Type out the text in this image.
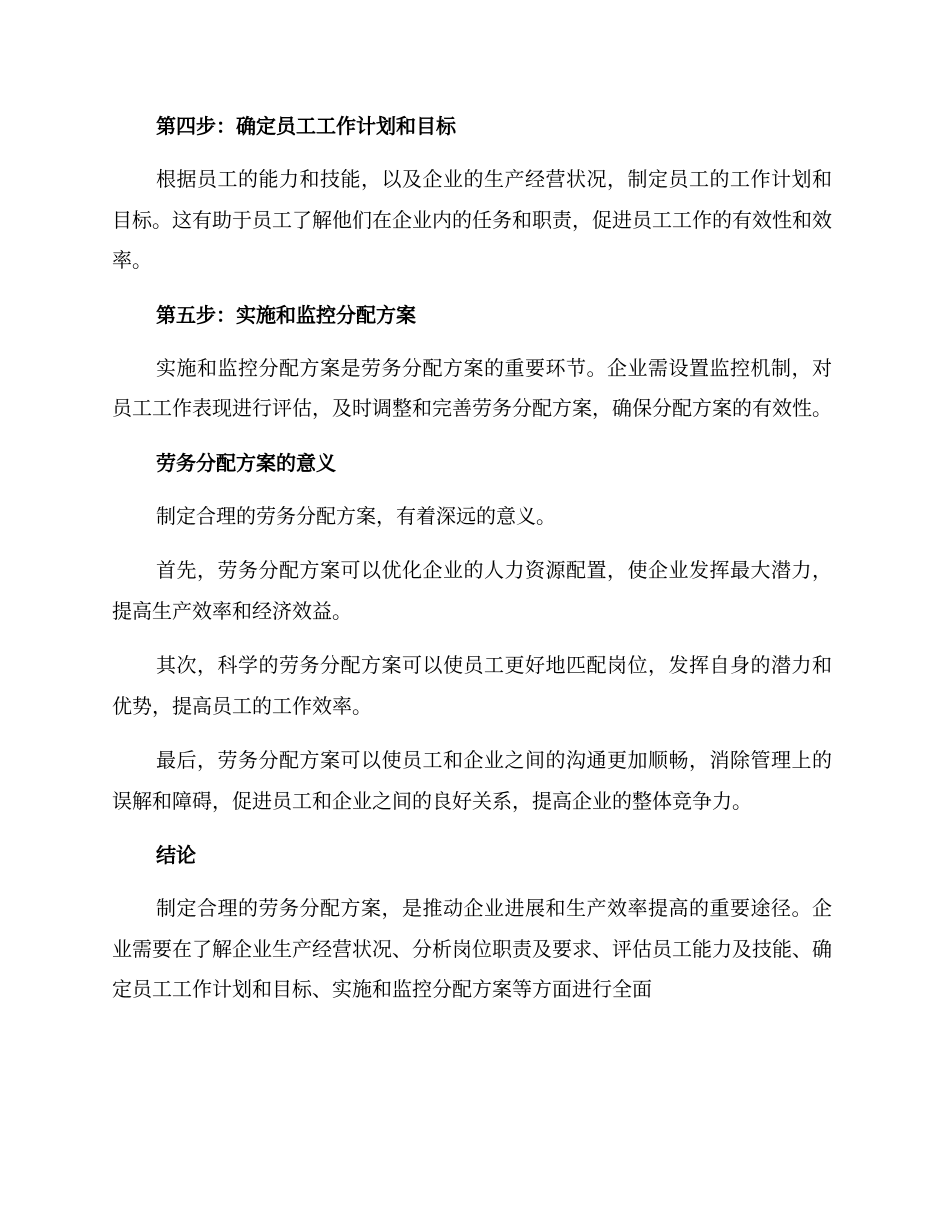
第四步：确定员工工作计划和目标

根据员工的能力和技能，以及企业的生产经营状况，制定员工的工作计划和目标。这有助于员工了解他们在企业内的任务和职责，促进员工工作的有效性和效率。

第五步：实施和监控分配方案

实施和监控分配方案是劳务分配方案的重要环节。企业需设置监控机制，对员工工作表现进行评估，及时调整和完善劳务分配方案，确保分配方案的有效性。

劳务分配方案的意义

制定合理的劳务分配方案，有着深远的意义。

首先，劳务分配方案可以优化企业的人力资源配置，使企业发挥最大潜力，提高生产效率和经济效益。

其次，科学的劳务分配方案可以使员工更好地匹配岗位，发挥自身的潜力和优势，提高员工的工作效率。

最后，劳务分配方案可以使员工和企业之间的沟通更加顺畅，消除管理上的误解和障碍，促进员工和企业之间的良好关系，提高企业的整体竞争力。

结论

制定合理的劳务分配方案，是推动企业进展和生产效率提高的重要途径。企业需要在了解企业生产经营状况、分析岗位职责及要求、评估员工能力及技能、确定员工工作计划和目标、实施和监控分配方案等方面进行全面
